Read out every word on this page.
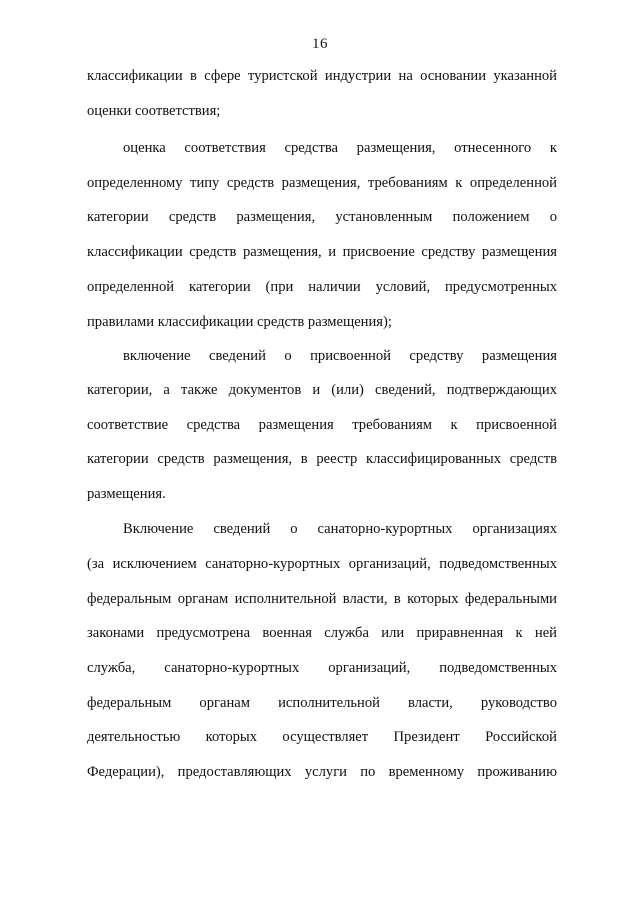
16
классификации в сфере туристской индустрии на основании указанной
оценки соответствия;
оценка соответствия средства размещения, отнесенного к
определенному типу средств размещения, требованиям к определенной
категории средств размещения, установленным положением о
классификации средств размещения, и присвоение средству размещения
определенной категории (при наличии условий, предусмотренных
правилами классификации средств размещения);
включение сведений о присвоенной средству размещения
категории, а также документов и (или) сведений, подтверждающих
соответствие средства размещения требованиям к присвоенной
категории средств размещения, в реестр классифицированных средств
размещения.
Включение сведений о санаторно-курортных организациях
(за исключением санаторно-курортных организаций, подведомственных
федеральным органам исполнительной власти, в которых федеральными
законами предусмотрена военная служба или приравненная к ней
служба, санаторно-курортных организаций, подведомственных
федеральным органам исполнительной власти, руководство
деятельностью которых осуществляет Президент Российской
Федерации), предоставляющих услуги по временному проживанию
